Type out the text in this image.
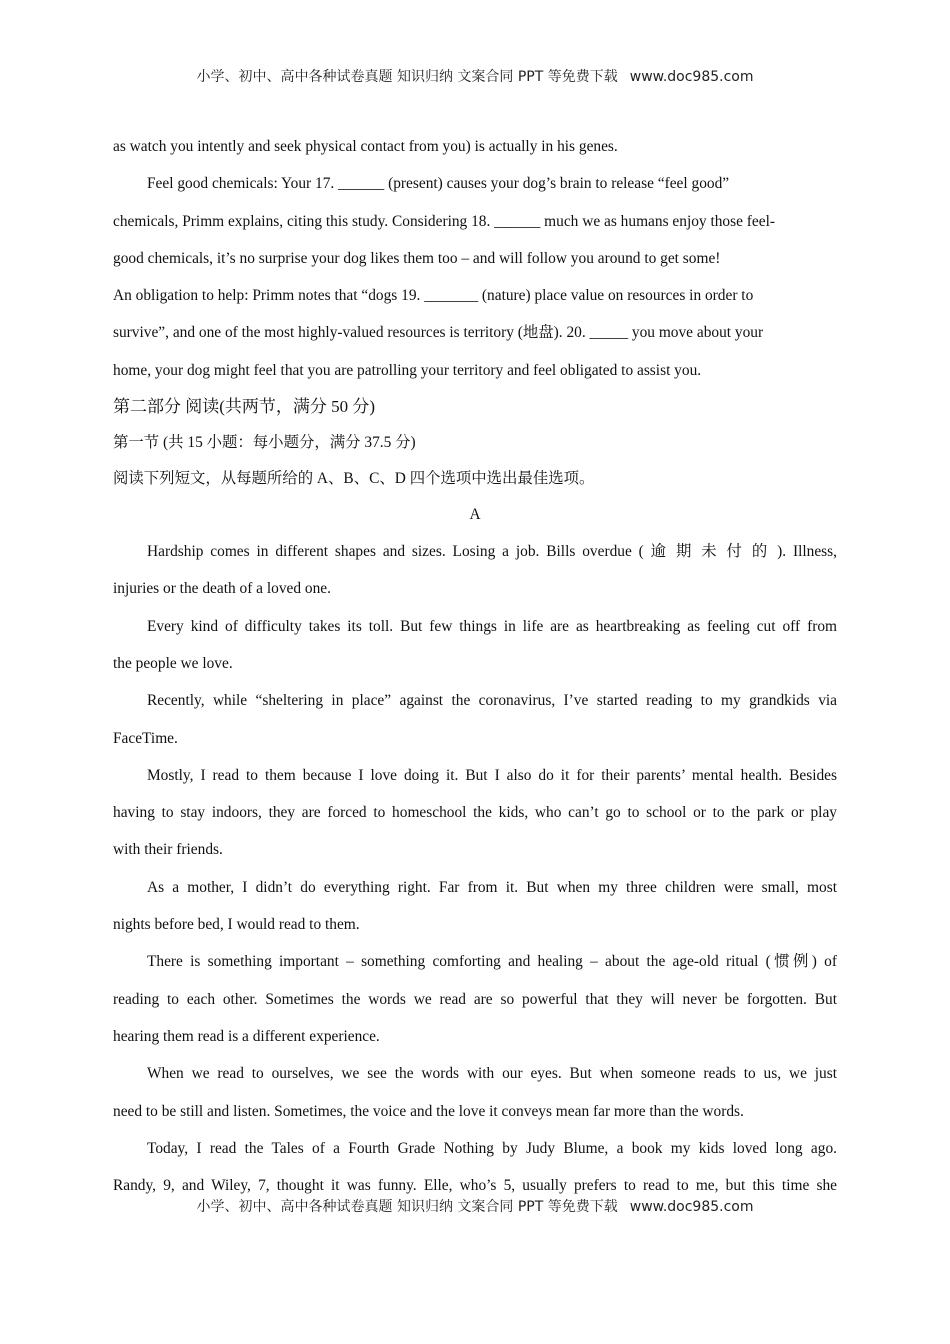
小学、初中、高中各种试卷真题 知识归纳 文案合同 PPT 等免费下载 www.doc985.com
as watch you intently and seek physical contact from you) is actually in his genes.
Feel good chemicals: Your 17. ______ (present) causes your dog’s brain to release “feel good”
chemicals, Primm explains, citing this study. Considering 18. ______ much we as humans enjoy those feel-
good chemicals, it’s no surprise your dog likes them too – and will follow you around to get some!
An obligation to help: Primm notes that “dogs 19. _______ (nature) place value on resources in order to
survive”, and one of the most highly-valued resources is territory (地盘). 20. _____ you move about your
home, your dog might feel that you are patrolling your territory and feel obligated to assist you.
第二部分 阅读(共两节，满分 50 分)
第一节 (共 15 小题：每小题分，满分 37.5 分)
阅读下列短文，从每题所给的 A、B、C、D 四个选项中选出最佳选项。
A
Hardship comes in different shapes and sizes. Losing a job. Bills overdue ( 逾 期 未 付 的 ). Illness,
injuries or the death of a loved one.
Every kind of difficulty takes its toll. But few things in life are as heartbreaking as feeling cut off from
the people we love.
Recently, while “sheltering in place” against the coronavirus, I’ve started reading to my grandkids via
FaceTime.
Mostly, I read to them because I love doing it. But I also do it for their parents’ mental health. Besides
having to stay indoors, they are forced to homeschool the kids, who can’t go to school or to the park or play
with their friends.
As a mother, I didn’t do everything right. Far from it. But when my three children were small, most
nights before bed, I would read to them.
There is something important – something comforting and healing – about the age-old ritual (惯例) of
reading to each other. Sometimes the words we read are so powerful that they will never be forgotten. But
hearing them read is a different experience.
When we read to ourselves, we see the words with our eyes. But when someone reads to us, we just
need to be still and listen. Sometimes, the voice and the love it conveys mean far more than the words.
Today, I read the Tales of a Fourth Grade Nothing by Judy Blume, a book my kids loved long ago.
Randy, 9, and Wiley, 7, thought it was funny. Elle, who’s 5, usually prefers to read to me, but this time she
小学、初中、高中各种试卷真题 知识归纳 文案合同 PPT 等免费下载 www.doc985.com
